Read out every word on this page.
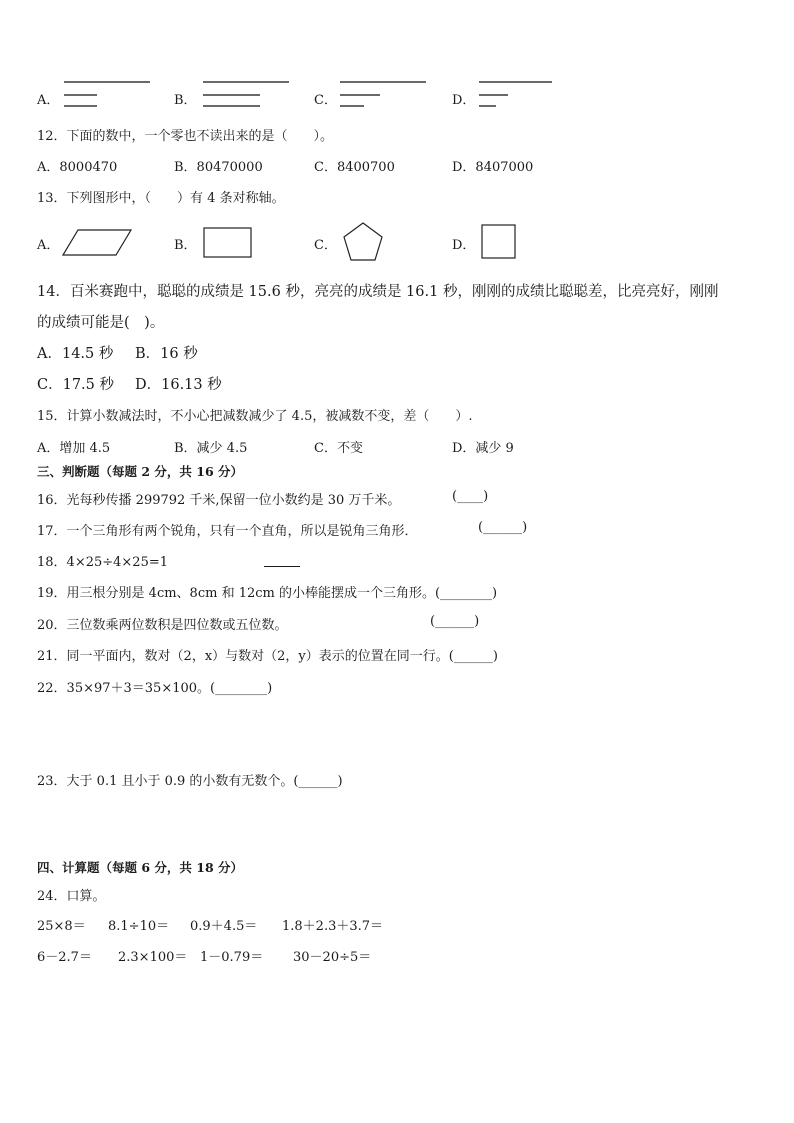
A．	B．	C．	D．
12．下面的数中，一个零也不读出来的是（　　）。
A．8000470	B．80470000	C．8400700	D．8407000
13．下列图形中，（　　）有 4 条对称轴。
A．	B．	C．	D．
14．百米赛跑中，聪聪的成绩是 15.6 秒，亮亮的成绩是 16.1 秒，刚刚的成绩比聪聪差，比亮亮好，刚刚
的成绩可能是(　)。
A．14.5 秒 B．16 秒
C．17.5 秒 D．16.13 秒
15．计算小数减法时，不小心把减数减少了 4.5，被减数不变，差（　　）.
A．增加 4.5	B．减少 4.5	C．不变	D．减少 9
三、判断题（每题 2 分，共 16 分）
16．光每秒传播 299792 千米,保留一位小数约是 30 万千米。	(____)
17．一个三角形有两个锐角，只有一个直角，所以是锐角三角形．	(______)
18．4×25÷4×25=1
19．用三根分别是 4cm、8cm 和 12cm 的小棒能摆成一个三角形。(________)
20．三位数乘两位数积是四位数或五位数。	(______)
21．同一平面内，数对（2，x）与数对（2，y）表示的位置在同一行。(______)
22．35×97＋3＝35×100。(________)
23．大于 0.1 且小于 0.9 的小数有无数个。(______)
四、计算题（每题 6 分，共 18 分）
24．口算。
25×8＝ 8.1÷10＝ 0.9＋4.5＝ 1.8＋2.3＋3.7＝
6－2.7＝ 2.3×100＝ 1－0.79＝ 30－20÷5＝
